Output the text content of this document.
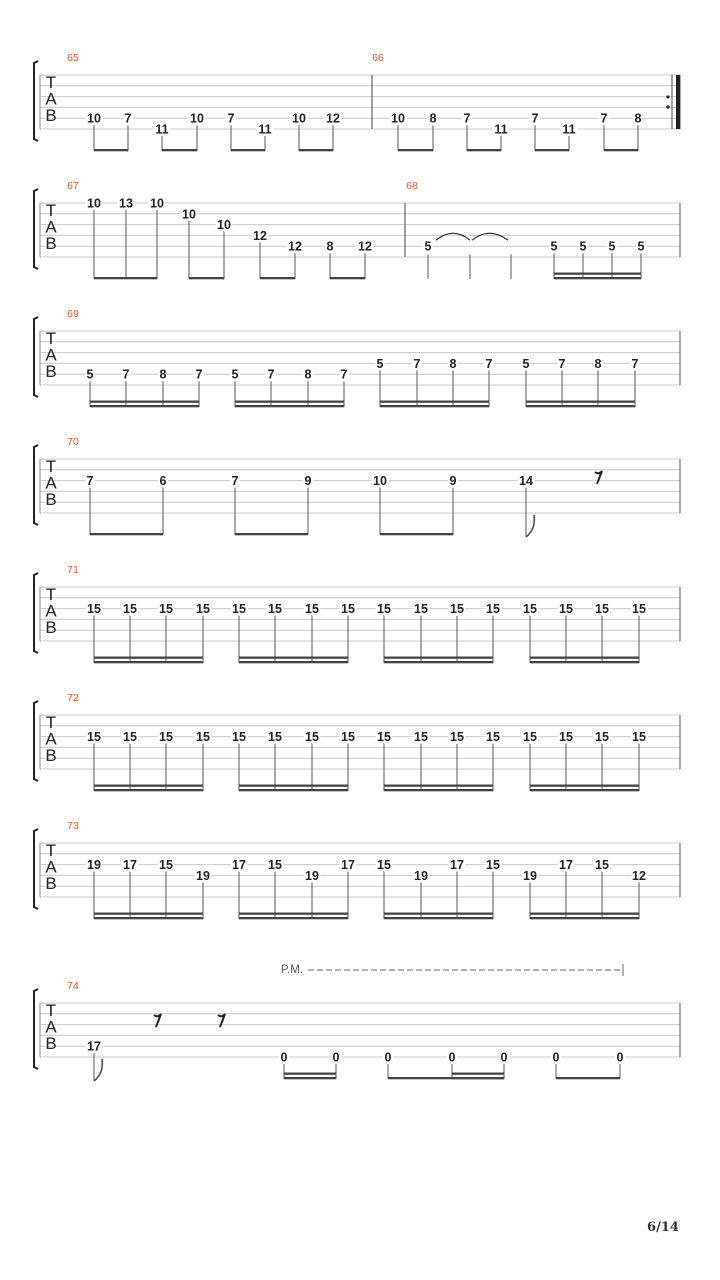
T
A
B
65	66
10 7
11
10 7
11
10 12	10 8 7
11
7
11
7 8
T
A
B
67	68
10 13 10
10
10
12
12 8 12	5	5 5 5 5
T
A
B
69
5 7 8 7 5 7 8 7
5 7 8 7 5 7 8 7
T
A
B
70
7	6	7	9	10	9	14
T
A
B
71
15 15 15 15 15 15 15 15 15 15 15 15 15 15 15 15
T
A
B
72
15 15 15 15 15 15 15 15 15 15 15 15 15 15 15 15
T
A
B
73
19 17 15
19
17 15
19
17 15
19
17 15
19
17 15
12
T
A
B
74
P.M.
17
0	0	0	0	0	0	0
6/14
